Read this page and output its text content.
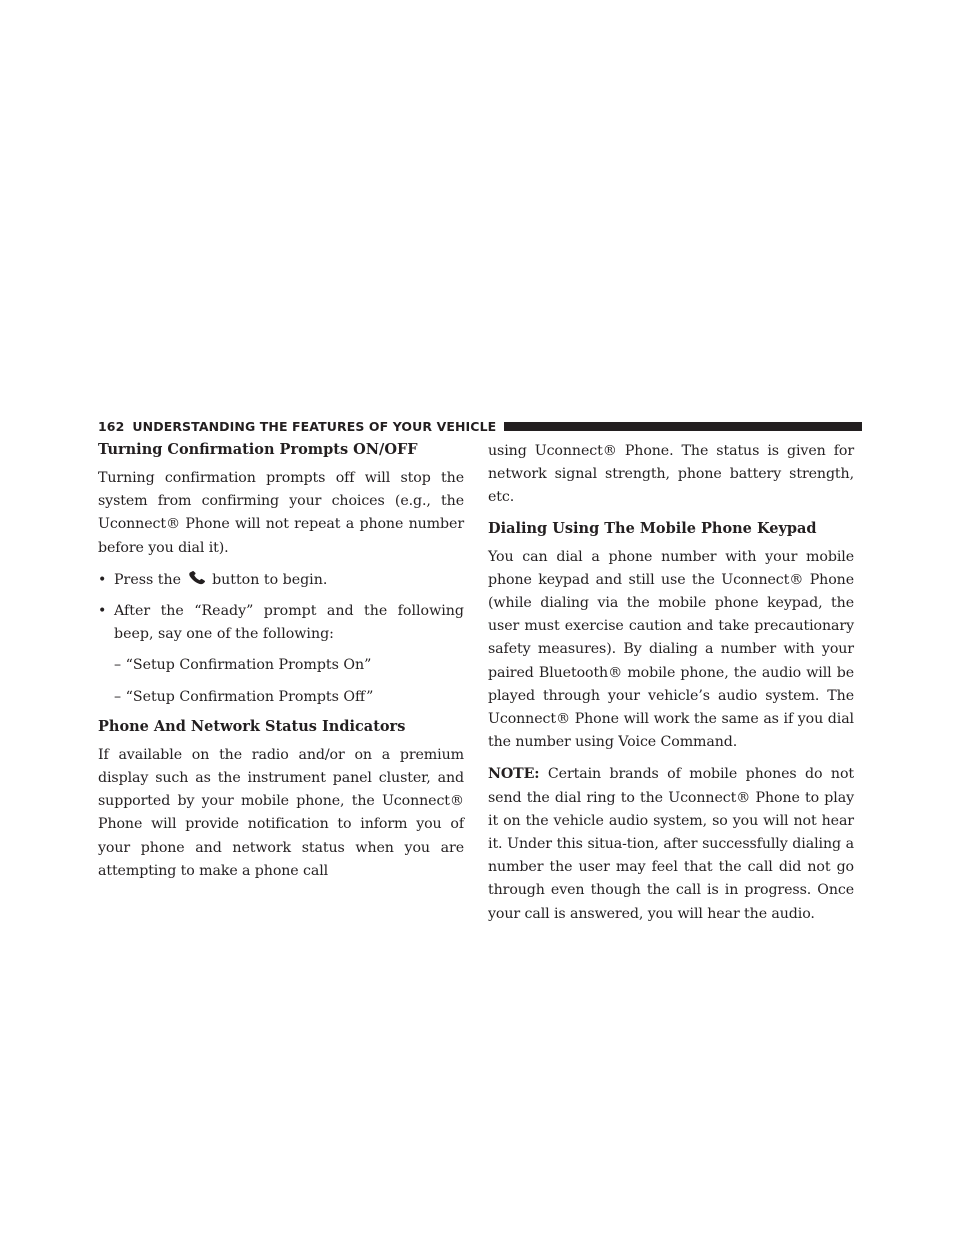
162 UNDERSTANDING THE FEATURES OF YOUR VEHICLE
Turning Confirmation Prompts ON/OFF

Turning confirmation prompts off will stop the system from confirming your choices (e.g., the Uconnect® Phone will not repeat a phone number before you dial it).

• Press the button to begin.
• After the “Ready” prompt and the following beep, say one of the following:
– “Setup Confirmation Prompts On”
– “Setup Confirmation Prompts Off”
Phone And Network Status Indicators

If available on the radio and/or on a premium display such as the instrument panel cluster, and supported by your mobile phone, the Uconnect® Phone will provide notification to inform you of your phone and network status when you are attempting to make a phone call

using Uconnect® Phone. The status is given for network signal strength, phone battery strength, etc.

Dialing Using The Mobile Phone Keypad

You can dial a phone number with your mobile phone keypad and still use the Uconnect® Phone (while dialing via the mobile phone keypad, the user must exercise caution and take precautionary safety measures). By dialing a number with your paired Bluetooth® mobile phone, the audio will be played through your vehicle’s audio system. The Uconnect® Phone will work the same as if you dial the number using Voice Command.

NOTE: Certain brands of mobile phones do not send the dial ring to the Uconnect® Phone to play it on the vehicle audio system, so you will not hear it. Under this situa-tion, after successfully dialing a number the user may feel that the call did not go through even though the call is in progress. Once your call is answered, you will hear the audio.
